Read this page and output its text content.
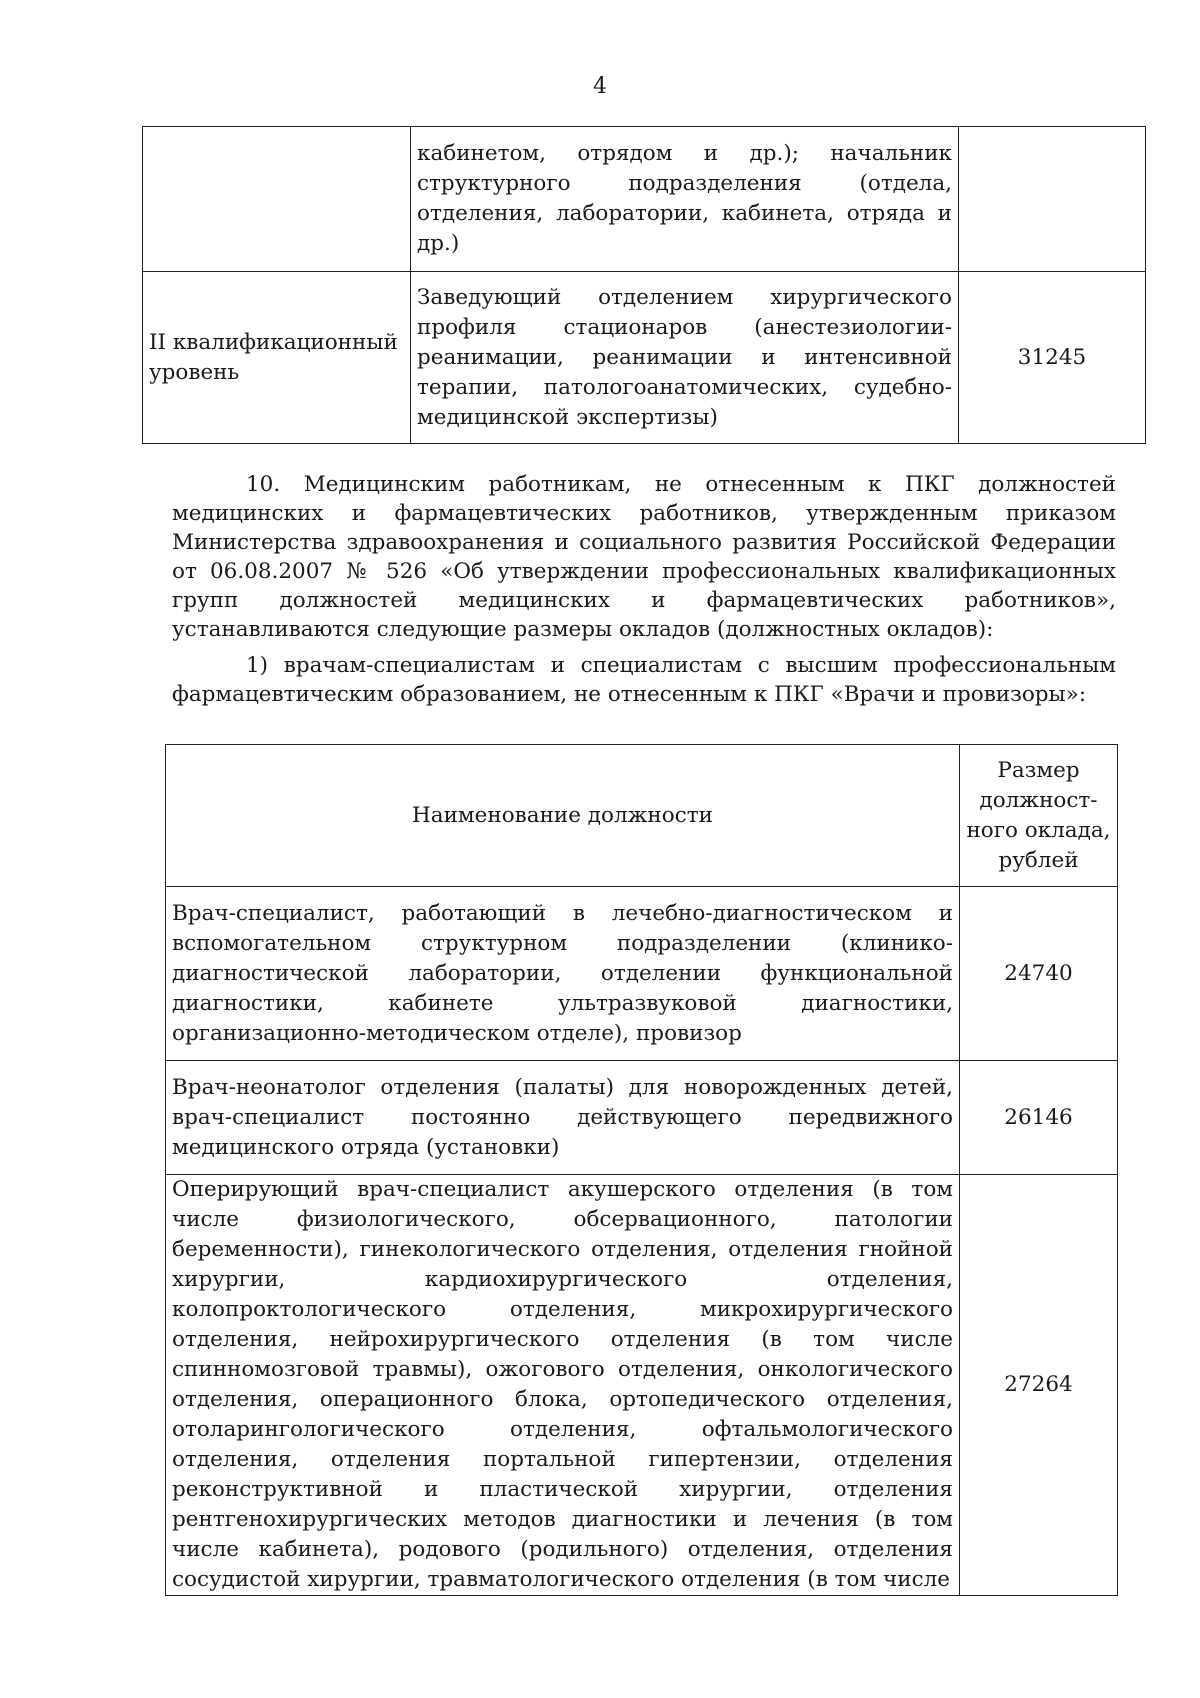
4

	кабинетом, отрядом и др.); начальник структурного подразделения (отдела, отделения, лаборатории, кабинета, отряда и др.)	

II квалификационный уровень	Заведующий отделением хирургического профиля стационаров (анестезиологии-реанимации, реанимации и интенсивной терапии, патологоанатомических, судебно-медицинской экспертизы)	31245
10. Медицинским работникам, не отнесенным к ПКГ должностей медицинских и фармацевтических работников, утвержденным приказом Министерства здравоохранения и социального развития Российской Федерации от 06.08.2007 № 526 «Об утверждении профессиональных квалификационных групп должностей медицинских и фармацевтических работников», устанавливаются следующие размеры окладов (должностных окладов):
1) врачам-специалистам и специалистам с высшим профессиональным фармацевтическим образованием, не отнесенным к ПКГ «Врачи и провизоры»:
Наименование должности	Размер должност-ного оклада, рублей

Врач-специалист, работающий в лечебно-диагностическом и вспомогательном структурном подразделении (клинико-диагностической лаборатории, отделении функциональной диагностики, кабинете ультразвуковой диагностики, организационно-методическом отделе), провизор	24740

Врач-неонатолог отделения (палаты) для новорожденных детей, врач-специалист постоянно действующего передвижного медицинского отряда (установки)	26146

Оперирующий врач-специалист акушерского отделения (в том числе физиологического, обсервационного, патологии беременности), гинекологического отделения, отделения гнойной хирургии, кардиохирургического отделения, колопроктологического отделения, микрохирургического отделения, нейрохирургического отделения (в том числе спинномозговой травмы), ожогового отделения, онкологического отделения, операционного блока, ортопедического отделения, отоларингологического отделения, офтальмологического отделения, отделения портальной гипертензии, отделения реконструктивной и пластической хирургии, отделения рентгенохирургических методов диагностики и лечения (в том числе кабинета), родового (родильного) отделения, отделения сосудистой хирургии, травматологического отделения (в том числе	27264
